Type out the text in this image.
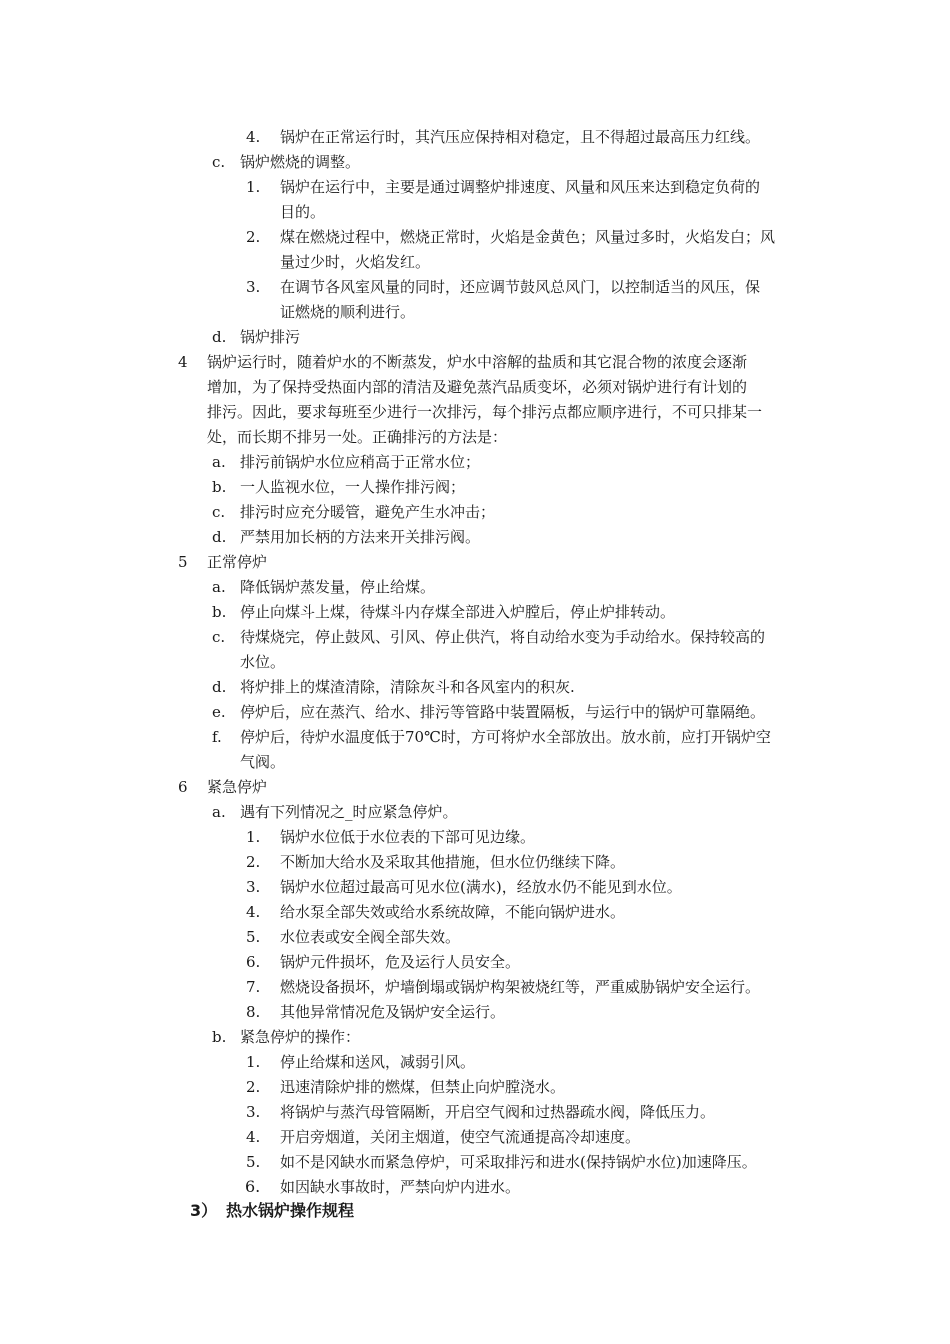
4. 锅炉在正常运行时，其汽压应保持相对稳定，且不得超过最高压力红线。
c. 锅炉燃烧的调整。
1. 锅炉在运行中，主要是通过调整炉排速度、风量和风压来达到稳定负荷的
目的。
2. 煤在燃烧过程中，燃烧正常时，火焰是金黄色；风量过多时，火焰发白；风
量过少时，火焰发红。
3. 在调节各风室风量的同时，还应调节鼓风总风门，以控制适当的风压，保
证燃烧的顺利进行。
d. 锅炉排污
4 锅炉运行时，随着炉水的不断蒸发，炉水中溶解的盐质和其它混合物的浓度会逐渐
增加，为了保持受热面内部的清洁及避免蒸汽品质变坏，必须对锅炉进行有计划的
排污。因此，要求每班至少进行一次排污，每个排污点都应顺序进行，不可只排某一
处，而长期不排另一处。正确排污的方法是：
a. 排污前锅炉水位应稍高于正常水位；
b. 一人监视水位，一人操作排污阀；
c. 排污时应充分暖管，避免产生水冲击；
d. 严禁用加长柄的方法来开关排污阀。
5 正常停炉
a. 降低锅炉蒸发量，停止给煤。
b. 停止向煤斗上煤，待煤斗内存煤全部进入炉膛后，停止炉排转动。
c. 待煤烧完，停止鼓风、引风、停止供汽，将自动给水变为手动给水。保持较高的
水位。
d. 将炉排上的煤渣清除，清除灰斗和各风室内的积灰.
e. 停炉后，应在蒸汽、给水、排污等管路中装置隔板，与运行中的锅炉可靠隔绝。
f. 停炉后，待炉水温度低于70℃时，方可将炉水全部放出。放水前，应打开锅炉空
气阀。
6 紧急停炉
a. 遇有下列情况之_时应紧急停炉。
1. 锅炉水位低于水位表的下部可见边缘。
2. 不断加大给水及采取其他措施，但水位仍继续下降。
3. 锅炉水位超过最高可见水位(满水)，经放水仍不能见到水位。
4. 给水泵全部失效或给水系统故障，不能向锅炉进水。
5. 水位表或安全阀全部失效。
6. 锅炉元件损坏，危及运行人员安全。
7. 燃烧设备损坏，炉墙倒塌或锅炉构架被烧红等，严重威胁锅炉安全运行。
8. 其他异常情况危及锅炉安全运行。
b. 紧急停炉的操作：
1. 停止给煤和送风，减弱引风。
2. 迅速清除炉排的燃煤，但禁止向炉膛浇水。
3. 将锅炉与蒸汽母管隔断，开启空气阀和过热器疏水阀，降低压力。
4. 开启旁烟道，关闭主烟道，使空气流通提高冷却速度。
5. 如不是冈缺水而紧急停炉，可采取排污和进水(保持锅炉水位)加速降压。
6. 如因缺水事故时，严禁向炉内进水。
3） 热水锅炉操作规程
